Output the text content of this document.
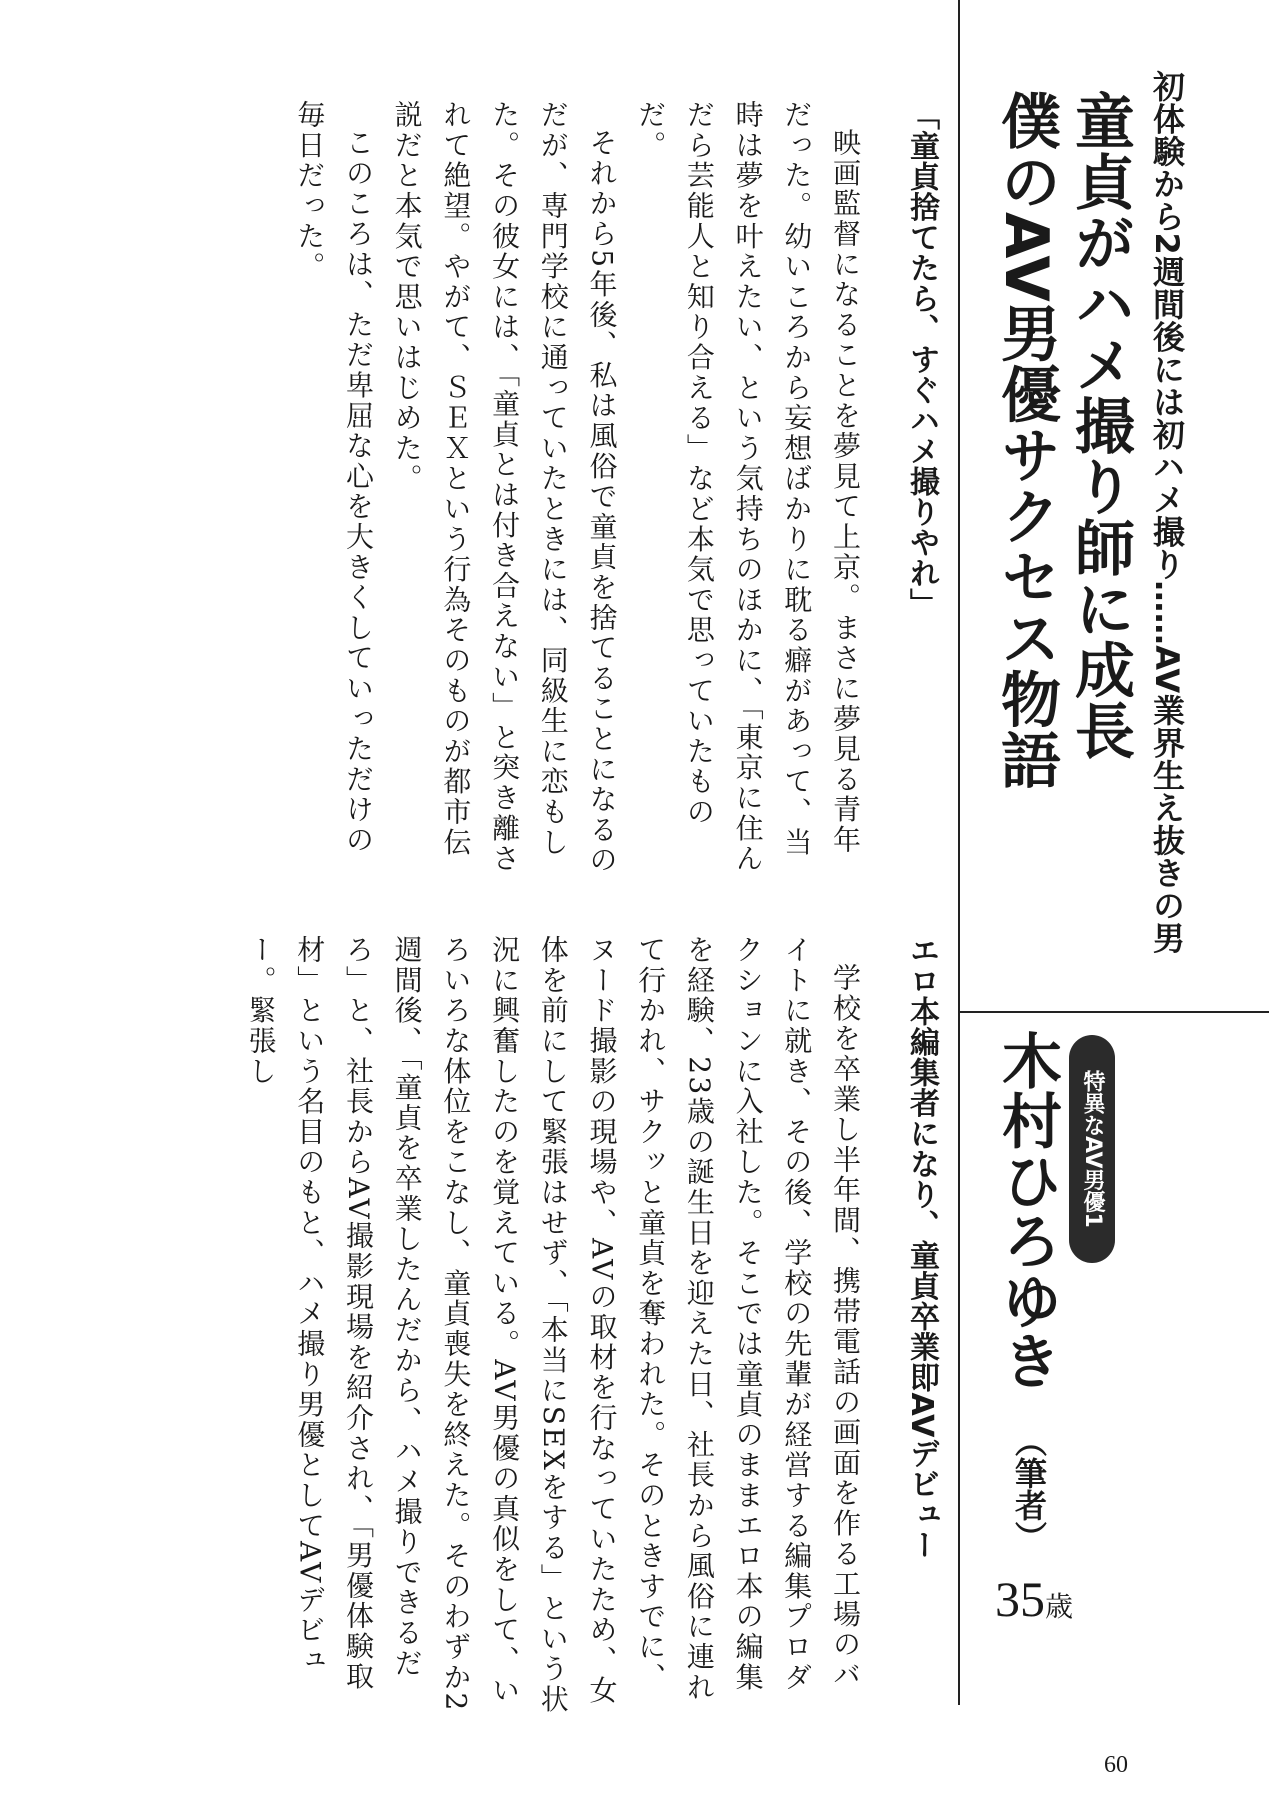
初体験から2週間後には初ハメ撮り……AV業界生え抜きの男

童貞がハメ撮り師に成長
僕のAV男優サクセス物語
特異なAV男優1
木村ひろゆき
（筆者）
35歳
「童貞捨てたら、すぐハメ撮りやれ」

映画監督になることを夢見て上京。まさに夢見る青年だった。幼いころから妄想ばかりに耽る癖があって、当時は夢を叶えたい、という気持ちのほかに、「東京に住んだら芸能人と知り合える」など本気で思っていたものだ。

それから5年後、私は風俗で童貞を捨てることになるのだが、専門学校に通っていたときには、同級生に恋もした。その彼女には、「童貞とは付き合えない」と突き離されて絶望。やがて、ＳＥＸという行為そのものが都市伝説だと本気で思いはじめた。

このころは、ただ卑屈な心を大きくしていっただけの毎日だった。

エロ本編集者になり、童貞卒業即AVデビュー

学校を卒業し半年間、携帯電話の画面を作る工場のバイトに就き、その後、学校の先輩が経営する編集プロダクションに入社した。そこでは童貞のままエロ本の編集を経験、23歳の誕生日を迎えた日、社長から風俗に連れて行かれ、サクッと童貞を奪われた。そのときすでに、ヌード撮影の現場や、AVの取材を行なっていたため、女体を前にして緊張はせず、「本当にSEXをする」という状況に興奮したのを覚えている。AV男優の真似をして、いろいろな体位をこなし、童貞喪失を終えた。そのわずか2週間後、「童貞を卒業したんだから、ハメ撮りできるだろ」と、社長からAV撮影現場を紹介され、「男優体験取材」という名目のもと、ハメ撮り男優としてAVデビュー。緊張し

60
